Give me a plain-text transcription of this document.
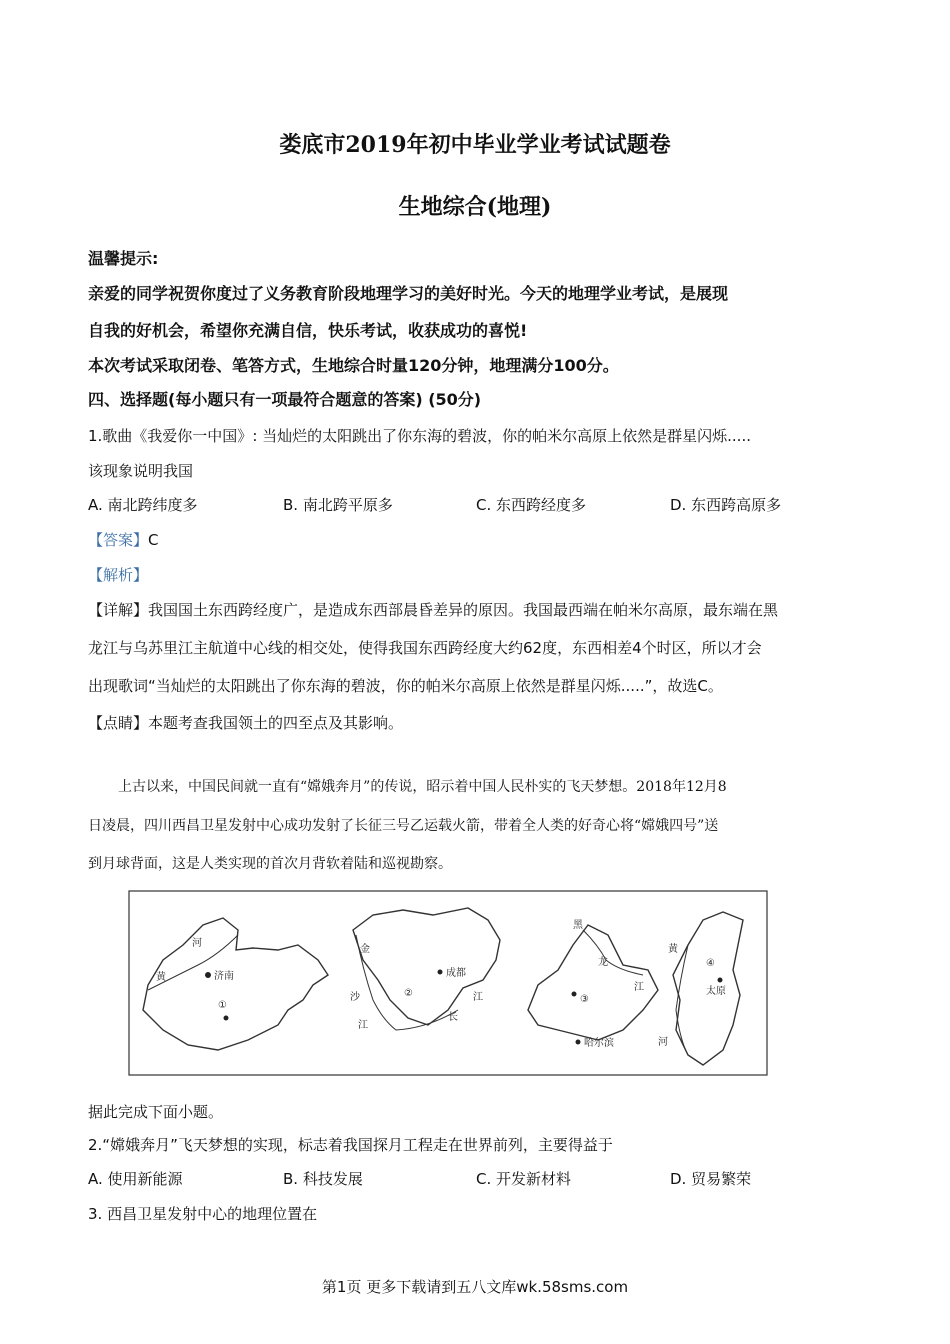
娄底市2019年初中毕业学业考试试题卷
生地综合(地理)
温馨提示:
亲爱的同学祝贺你度过了义务教育阶段地理学习的美好时光。今天的地理学业考试，是展现
自我的好机会，希望你充满自信，快乐考试，收获成功的喜悦!
本次考试采取闭卷、笔答方式，生地综合时量120分钟，地理满分100分。
四、选择题(每小题只有一项最符合题意的答案) (50分)
1.歌曲《我爱你一中国》: 当灿烂的太阳跳出了你东海的碧波，你的帕米尔高原上依然是群星闪烁.....
该现象说明我国
A. 南北跨纬度多	B. 南北跨平原多	C. 东西跨经度多	D. 东西跨高原多
【答案】C
【解析】
【详解】我国国土东西跨经度广，是造成东西部晨昏差异的原因。我国最西端在帕米尔高原，最东端在黑
龙江与乌苏里江主航道中心线的相交处，使得我国东西跨经度大约62度，东西相差4个时区，所以才会
出现歌词“当灿烂的太阳跳出了你东海的碧波，你的帕米尔高原上依然是群星闪烁.....”，故选C。
【点睛】本题考查我国领土的四至点及其影响。
上古以来，中国民间就一直有“嫦娥奔月”的传说，昭示着中国人民朴实的飞天梦想。2018年12月8
日凌晨，四川西昌卫星发射中心成功发射了长征三号乙运载火箭，带着全人类的好奇心将“嫦娥四号”送
到月球背面，这是人类实现的首次月背软着陆和巡视勘察。
河
黄	济南
①
金
沙
江
长
江
成都
②
黑
龙
江
③
哈尔滨
黄
河
④
太原
据此完成下面小题。
2.“嫦娥奔月”飞天梦想的实现，标志着我国探月工程走在世界前列，主要得益于
A. 使用新能源	B. 科技发展	C. 开发新材料	D. 贸易繁荣
3. 西昌卫星发射中心的地理位置在
第1页 更多下载请到五八文库wk.58sms.com
